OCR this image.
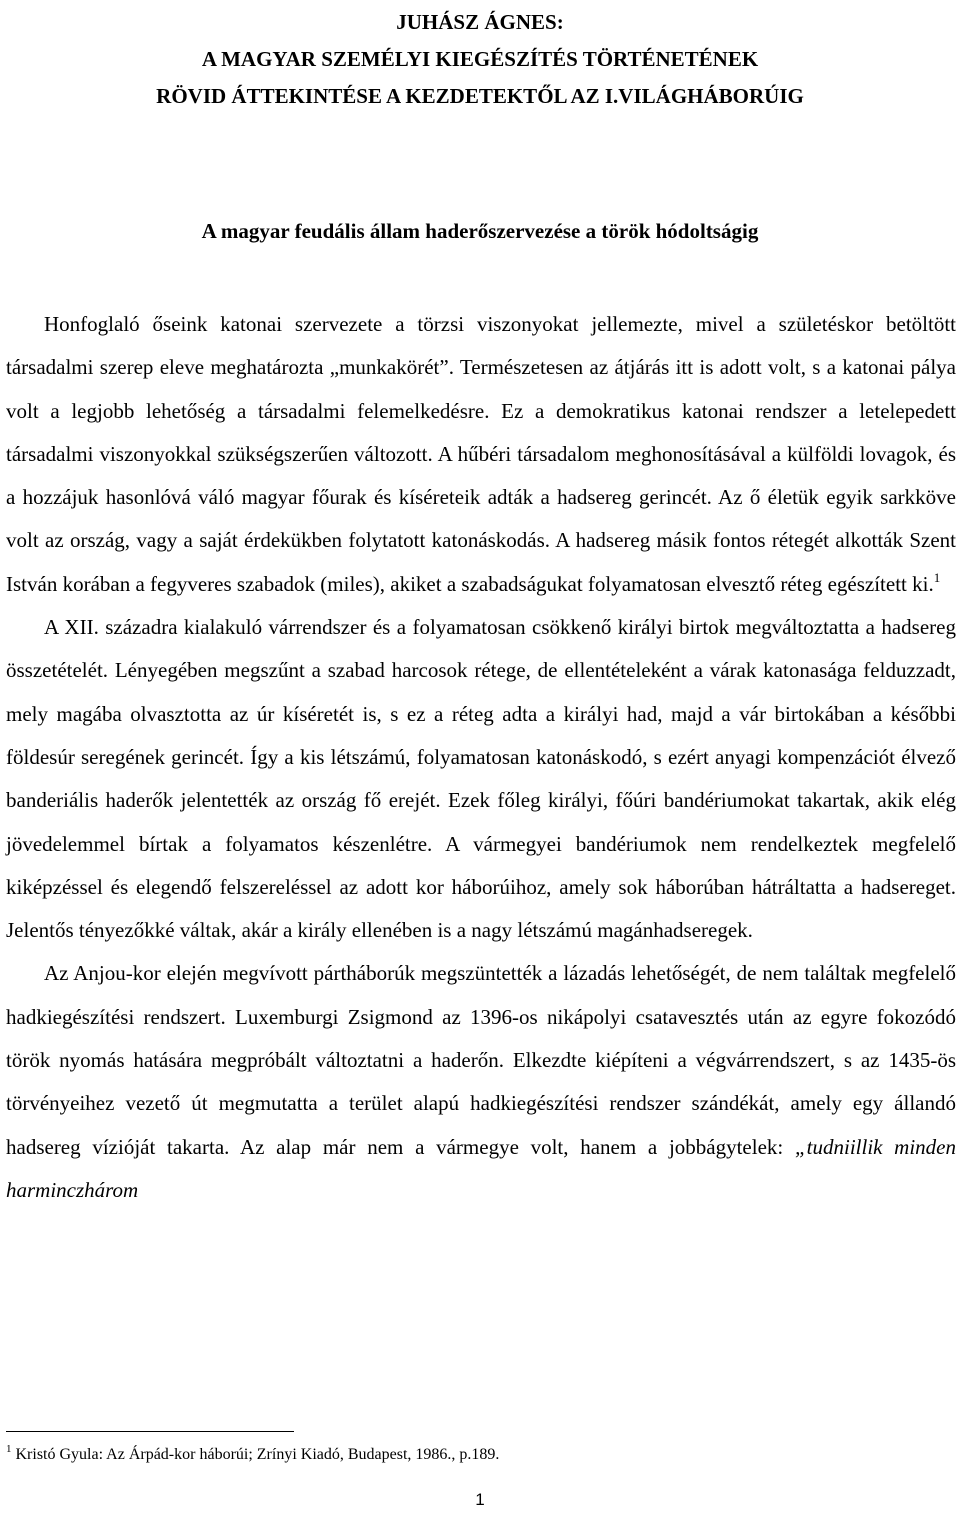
JUHÁSZ ÁGNES:
A MAGYAR SZEMÉLYI KIEGÉSZÍTÉS TÖRTÉNETÉNEK
RÖVID ÁTTEKINTÉSE A KEZDETEKTŐL AZ I.VILÁGHÁBORÚIG
A magyar feudális állam haderőszervezése a török hódoltságig

Honfoglaló őseink katonai szervezete a törzsi viszonyokat jellemezte, mivel a születéskor betöltött társadalmi szerep eleve meghatározta „munkakörét”. Természetesen az átjárás itt is adott volt, s a katonai pálya volt a legjobb lehetőség a társadalmi felemelkedésre. Ez a demokratikus katonai rendszer a letelepedett társadalmi viszonyokkal szükségszerűen változott. A hűbéri társadalom meghonosításával a külföldi lovagok, és a hozzájuk hasonlóvá váló magyar főurak és kíséreteik adták a hadsereg gerincét. Az ő életük egyik sarkköve volt az ország, vagy a saját érdekükben folytatott katonáskodás. A hadsereg másik fontos rétegét alkották Szent István korában a fegyveres szabadok (miles), akiket a szabadságukat folyamatosan elvesztő réteg egészített ki.$^1$

A XII. századra kialakuló várrendszer és a folyamatosan csökkenő királyi birtok megváltoztatta a hadsereg összetételét. Lényegében megszűnt a szabad harcosok rétege, de ellentételeként a várak katonasága felduzzadt, mely magába olvasztotta az úr kíséretét is, s ez a réteg adta a királyi had, majd a vár birtokában a későbbi földesúr seregének gerincét. Így a kis létszámú, folyamatosan katonáskodó, s ezért anyagi kompenzációt élvező banderiális haderők jelentették az ország fő erejét. Ezek főleg királyi, főúri bandériumokat takartak, akik elég jövedelemmel bírtak a folyamatos készenlétre. A vármegyei bandériumok nem rendelkeztek megfelelő kiképzéssel és elegendő felszereléssel az adott kor háborúihoz, amely sok háborúban hátráltatta a hadsereget. Jelentős tényezőkké váltak, akár a király ellenében is a nagy létszámú magánhadseregek.

Az Anjou-kor elején megvívott pártháborúk megszüntették a lázadás lehetőségét, de nem találtak megfelelő hadkiegészítési rendszert. Luxemburgi Zsigmond az 1396-os nikápolyi csatavesztés után az egyre fokozódó török nyomás hatására megpróbált változtatni a haderőn. Elkezdte kiépíteni a végvárrendszert, s az 1435-ös törvényeihez vezető út megmutatta a terület alapú hadkiegészítési rendszer szándékát, amely egy állandó hadsereg vízióját takarta. Az alap már nem a vármegye volt, hanem a jobbágytelek: „tudniillik minden harminczhárom

$^1$ Kristó Gyula: Az Árpád-kor háborúi; Zrínyi Kiadó, Budapest, 1986., p.189.
1
